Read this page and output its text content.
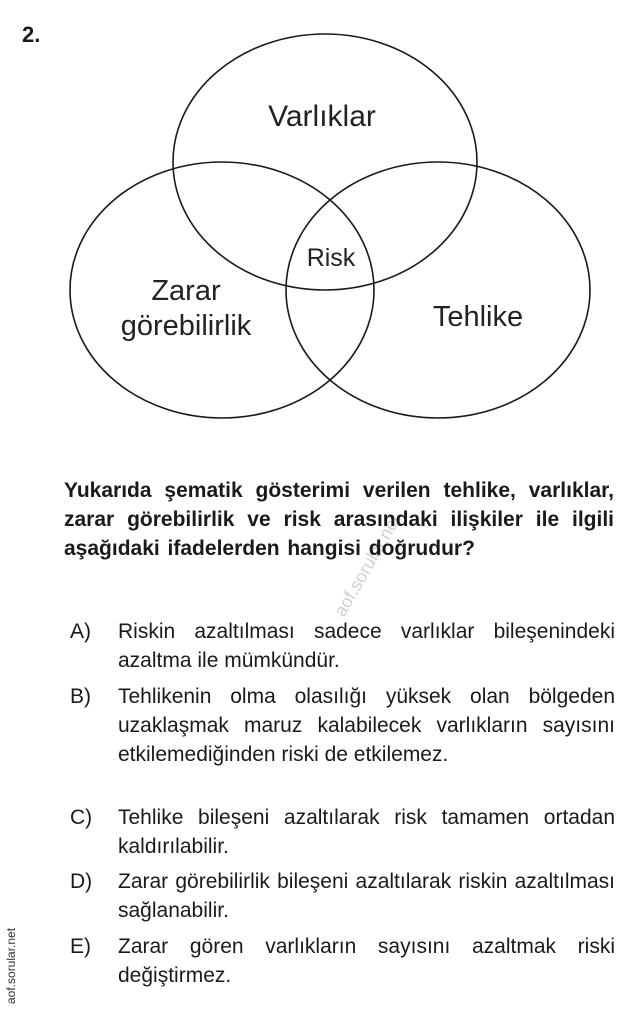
2.
Varlıklar
Zarar
görebilirlik	Tehlike
Risk
aof.sorular.net
Yukarıda şematik gösterimi verilen tehlike, varlıklar, zarar görebilirlik ve risk arasındaki ilişkiler ile ilgili aşağıdaki ifadelerden hangisi doğrudur?
A) Riskin azaltılması sadece varlıklar bileşenindeki azaltma ile mümkündür.
B) Tehlikenin olma olasılığı yüksek olan bölgeden uzaklaşmak maruz kalabilecek varlıkların sayısını etkilemediğinden riski de etkilemez.
C) Tehlike bileşeni azaltılarak risk tamamen ortadan kaldırılabilir.
D) Zarar görebilirlik bileşeni azaltılarak riskin azaltılması sağlanabilir.
E) Zarar gören varlıkların sayısını azaltmak riski değiştirmez.
aof.sorular.net
